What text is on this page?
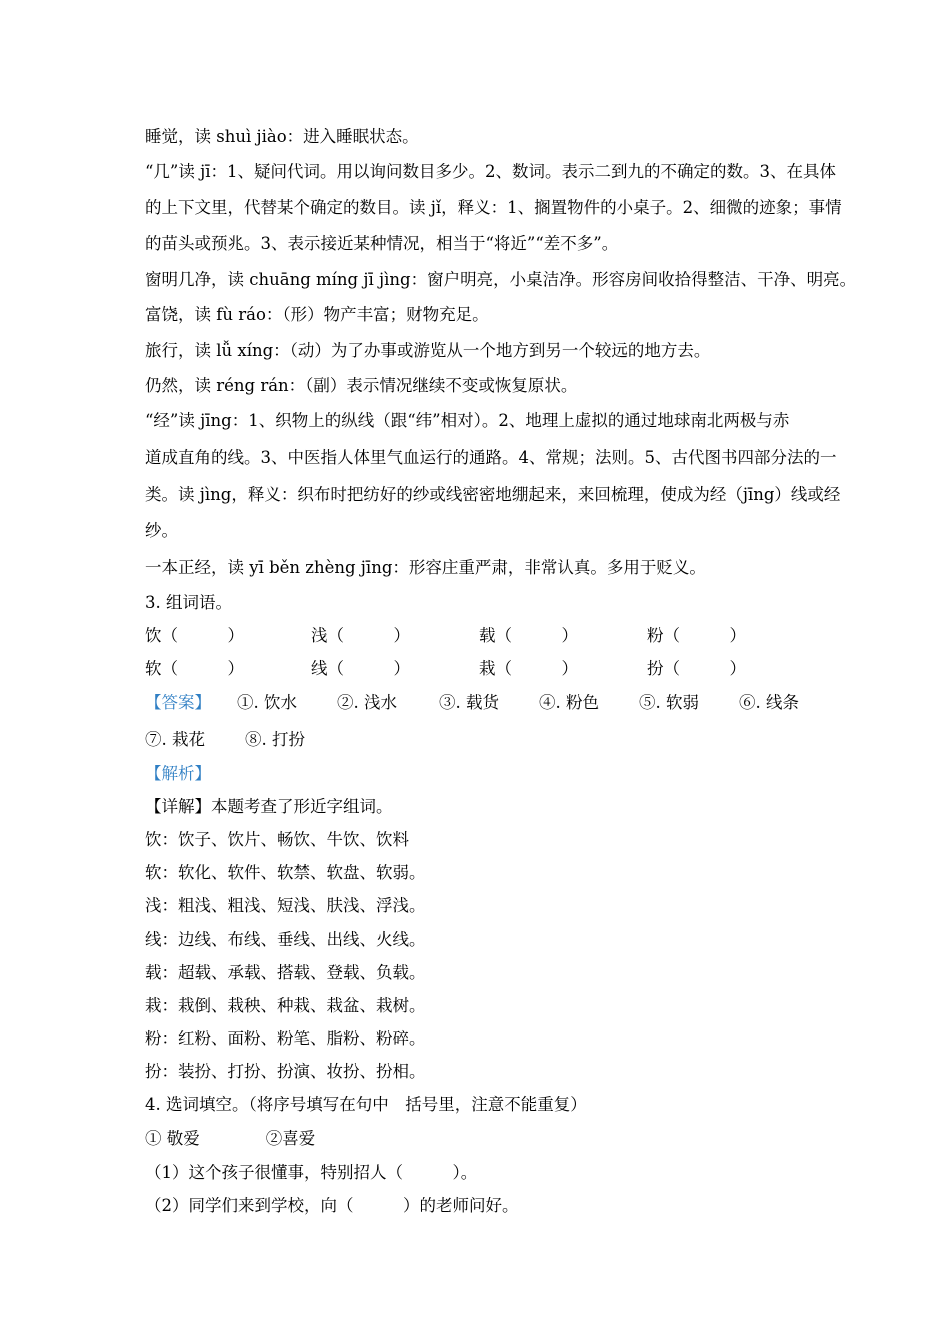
睡觉，读 shuì jiào：进入睡眠状态。
“几”读 jī：1、疑问代词。用以询问数目多少。2、数词。表示二到九的不确定的数。3、在具体
的上下文里，代替某个确定的数目。读 jǐ，释义：1、搁置物件的小桌子。2、细微的迹象；事情
的苗头或预兆。3、表示接近某种情况，相当于“将近”“差不多”。
窗明几净，读 chuāng míng jī jìng：窗户明亮，小桌洁净。形容房间收拾得整洁、干净、明亮。
富饶，读 fù ráo：（形）物产丰富；财物充足。
旅行，读 lǚ xíng：（动）为了办事或游览从一个地方到另一个较远的地方去。
仍然，读 réng rán：（副）表示情况继续不变或恢复原状。
“经”读 jīng：1、织物上的纵线（跟“纬”相对）。2、地理上虚拟的通过地球南北两极与赤
道成直角的线。3、中医指人体里气血运行的通路。4、常规；法则。5、古代图书四部分法的一
类。读 jìng，释义：织布时把纺好的纱或线密密地绷起来，来回梳理，使成为经（jīng）线或经
纱。
一本正经，读 yī běn zhèng jīng：形容庄重严肃，非常认真。多用于贬义。
3. 组词语。
饮（　　　）	浅（　　　）	载（　　　）	粉（　　　）
软（　　　）	线（　　　）	栽（　　　）	扮（　　　）
【答案】 ①. 饮水 ②. 浅水	③. 载货 ④. 粉色 ⑤. 软弱 ⑥. 线条
⑦. 栽花 ⑧. 打扮
【解析】
【详解】本题考查了形近字组词。
饮：饮子、饮片、畅饮、牛饮、饮料
软：软化、软件、软禁、软盘、软弱。
浅：粗浅、粗浅、短浅、肤浅、浮浅。
线：边线、布线、垂线、出线、火线。
载：超载、承载、搭载、登载、负载。
栽：栽倒、栽秧、种栽、栽盆、栽树。
粉：红粉、面粉、粉笔、脂粉、粉碎。
扮：装扮、打扮、扮演、妆扮、扮相。
4. 选词填空。（将序号填写在句中　括号里，注意不能重复）
① 敬爱　　　　②喜爱
（1）这个孩子很懂事，特别招人（　　　）。
（2）同学们来到学校，向（　　　）的老师问好。
